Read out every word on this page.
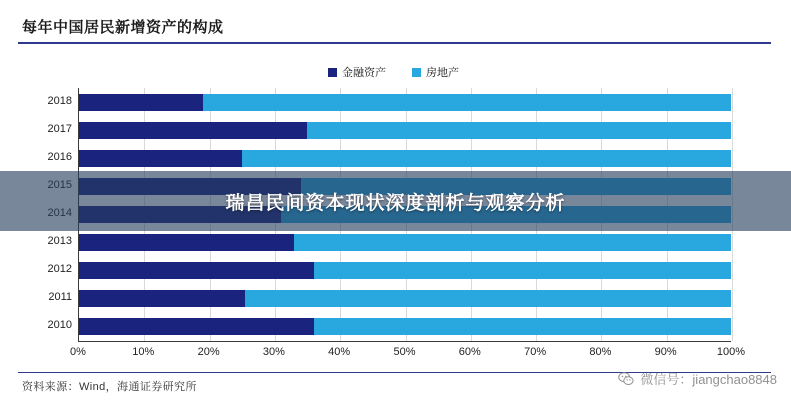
每年中国居民新增资产的构成
金融资产	房地产
2018
2017
2016
2013
2012
2011
2010
0%	10%	20%	30%	40%	50%	60%	70%	80%	90%	100%
资料来源：Wind，海通证券研究所
瑞昌民间资本现状深度剖析与观察分析
微信号：jiangchao8848
